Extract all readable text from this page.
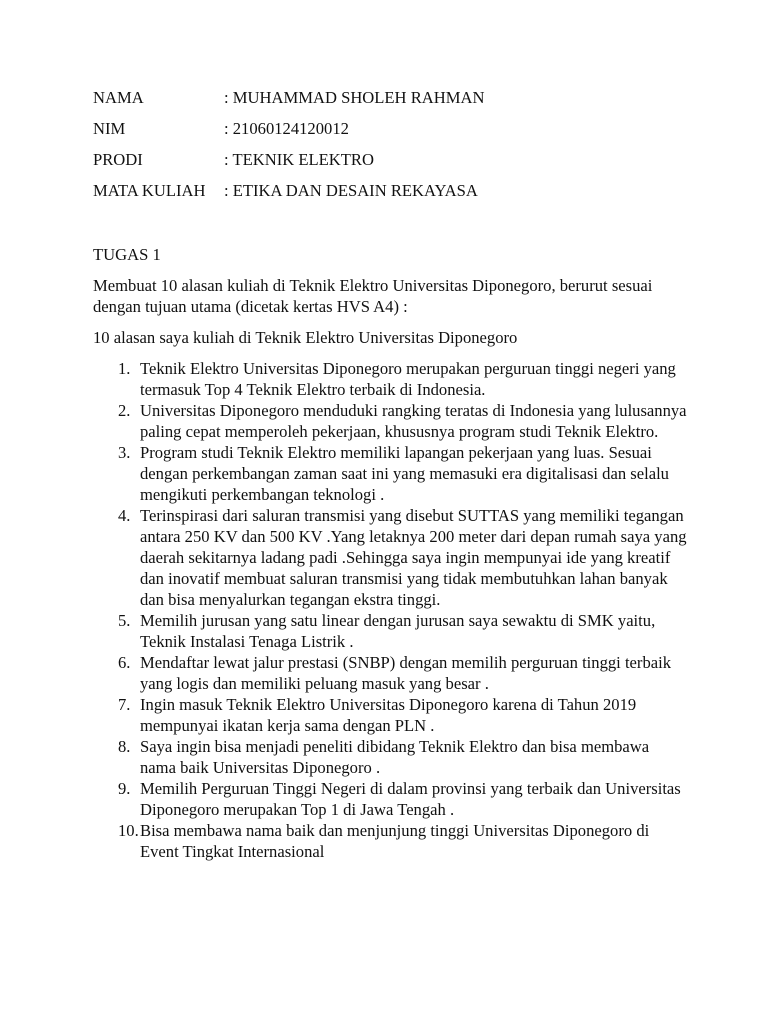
NAMA	: MUHAMMAD SHOLEH RAHMAN
NIM	: 21060124120012
PRODI	: TEKNIK ELEKTRO
MATA KULIAH	: ETIKA DAN DESAIN REKAYASA
TUGAS 1

Membuat 10 alasan kuliah di Teknik Elektro Universitas Diponegoro, berurut sesuai dengan tujuan utama (dicetak kertas HVS A4) :

10 alasan saya kuliah di Teknik Elektro Universitas Diponegoro

1. Teknik Elektro Universitas Diponegoro merupakan perguruan tinggi negeri yang termasuk Top 4 Teknik Elektro terbaik di Indonesia.
2. Universitas Diponegoro menduduki rangking teratas di Indonesia yang lulusannya paling cepat memperoleh pekerjaan, khususnya program studi Teknik Elektro.
3. Program studi Teknik Elektro memiliki lapangan pekerjaan yang luas. Sesuai dengan perkembangan zaman saat ini yang memasuki era digitalisasi dan selalu mengikuti perkembangan teknologi .
4. Terinspirasi dari saluran transmisi yang disebut SUTTAS yang memiliki tegangan antara 250 KV dan 500 KV .Yang letaknya 200 meter dari depan rumah saya yang daerah sekitarnya ladang padi .Sehingga saya ingin mempunyai ide yang kreatif dan inovatif membuat saluran transmisi yang tidak membutuhkan lahan banyak dan bisa menyalurkan tegangan ekstra tinggi.
5. Memilih jurusan yang satu linear dengan jurusan saya sewaktu di SMK yaitu, Teknik Instalasi Tenaga Listrik .
6. Mendaftar lewat jalur prestasi (SNBP) dengan memilih perguruan tinggi terbaik yang logis dan memiliki peluang masuk yang besar .
7. Ingin masuk Teknik Elektro Universitas Diponegoro karena di Tahun 2019 mempunyai ikatan kerja sama dengan PLN .
8. Saya ingin bisa menjadi peneliti dibidang Teknik Elektro dan bisa membawa nama baik Universitas Diponegoro .
9. Memilih Perguruan Tinggi Negeri di dalam provinsi yang terbaik dan Universitas Diponegoro merupakan Top 1 di Jawa Tengah .
10. Bisa membawa nama baik dan menjunjung tinggi Universitas Diponegoro di Event Tingkat Internasional
